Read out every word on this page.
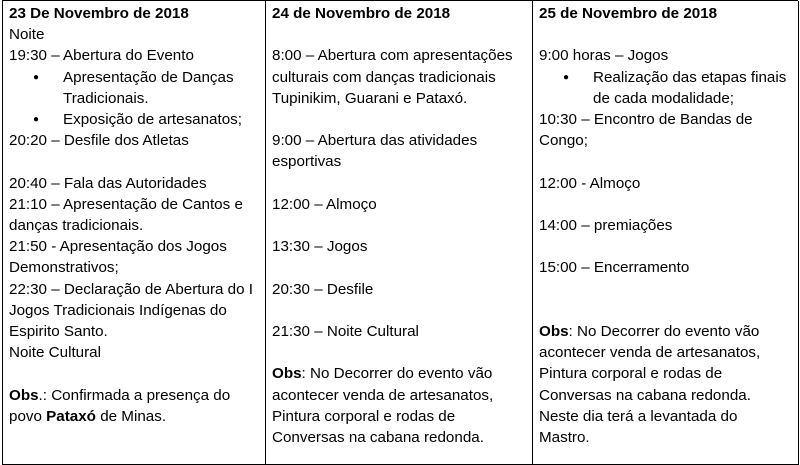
23 De Novembro de 2018

Noite

19:30 – Abertura do Evento

●	Apresentação de Danças Tradicionais.
●	Exposição de artesanatos;

20:20 – Desfile dos Atletas

20:40 – Fala das Autoridades

21:10 – Apresentação de Cantos e danças tradicionais.

21:50 - Apresentação dos Jogos Demonstrativos;

22:30 – Declaração de Abertura do I Jogos Tradicionais Indígenas do Espirito Santo.

Noite Cultural

Obs.: Confirmada a presença do povo Pataxó de Minas.

24 de Novembro de 2018

8:00 – Abertura com apresentações culturais com danças tradicionais Tupinikim, Guarani e Pataxó.

9:00 – Abertura das atividades esportivas

12:00 – Almoço

13:30 – Jogos

20:30 – Desfile

21:30 – Noite Cultural

Obs: No Decorrer do evento vão acontecer venda de artesanatos, Pintura corporal e rodas de Conversas na cabana redonda.

25 de Novembro de 2018

9:00 horas – Jogos

●	Realização das etapas finais de cada modalidade;

10:30 – Encontro de Bandas de Congo;

12:00 - Almoço

14:00 – premiações

15:00 – Encerramento

Obs: No Decorrer do evento vão acontecer venda de artesanatos, Pintura corporal e rodas de Conversas na cabana redonda. Neste dia terá a levantada do Mastro.
